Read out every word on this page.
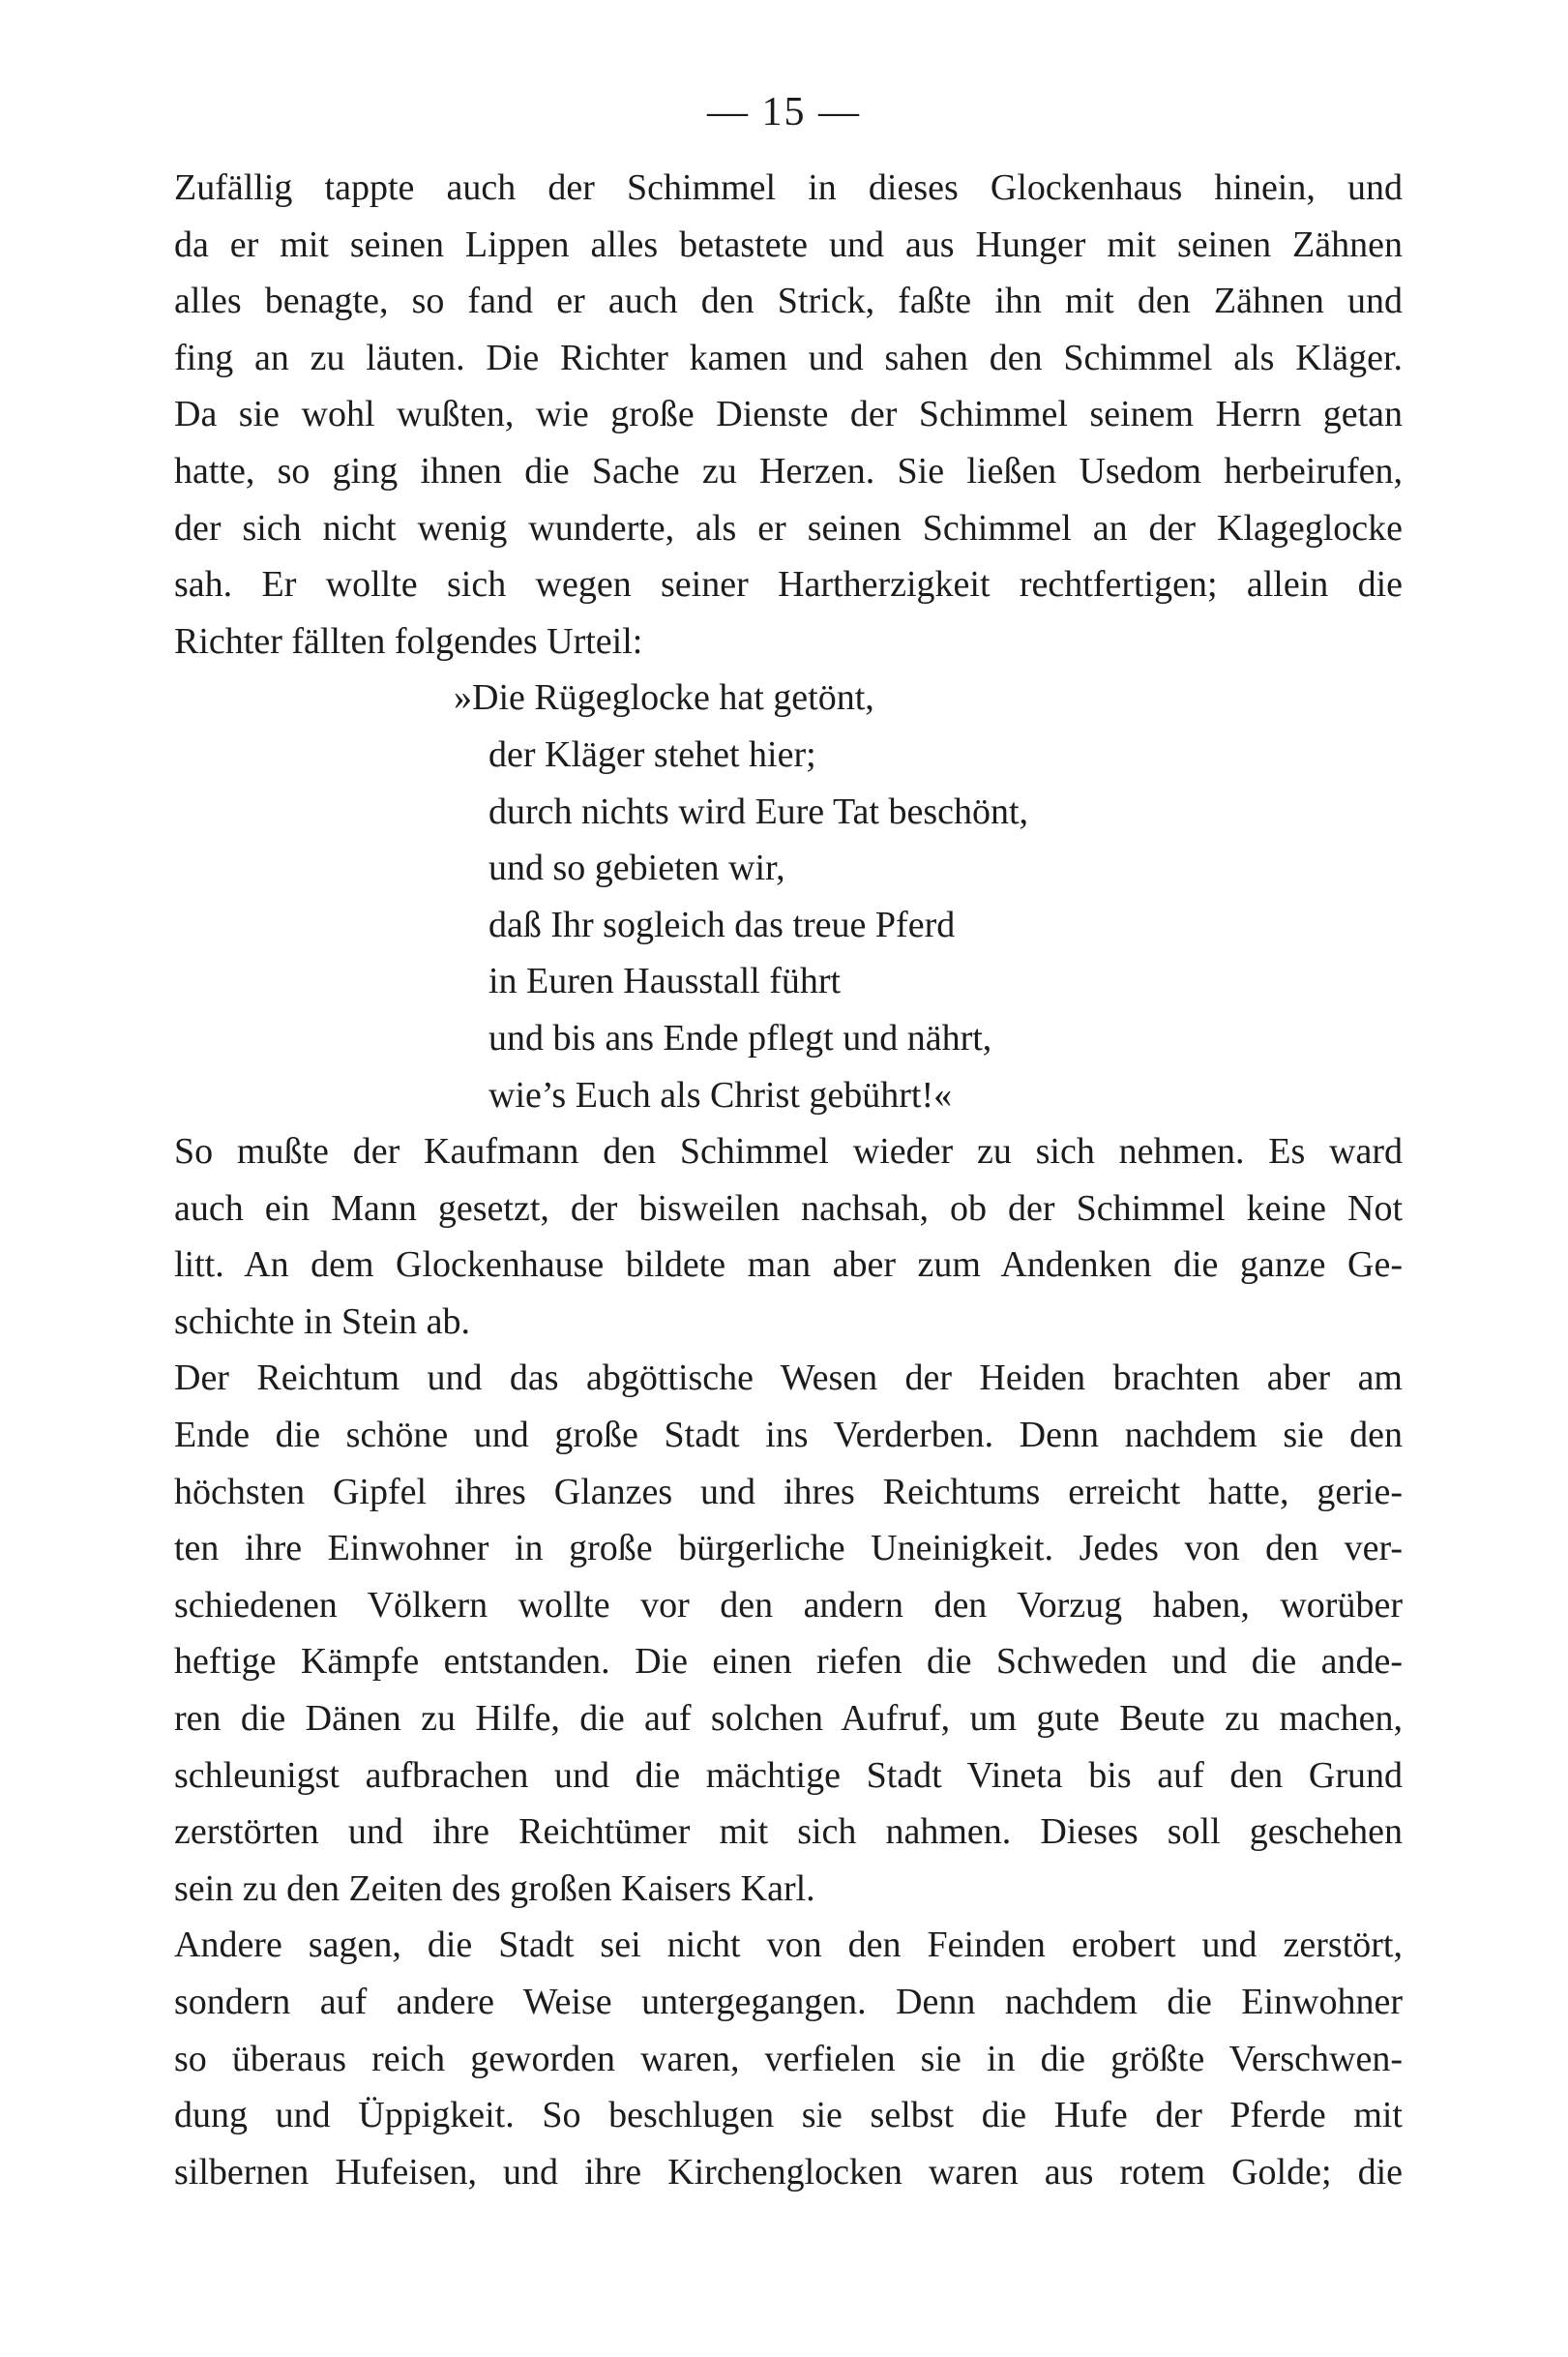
— 15 —
Zufällig tappte auch der Schimmel in dieses Glockenhaus hinein, und
da er mit seinen Lippen alles betastete und aus Hunger mit seinen Zähnen
alles benagte, so fand er auch den Strick, faßte ihn mit den Zähnen und
fing an zu läuten. Die Richter kamen und sahen den Schimmel als Kläger.
Da sie wohl wußten, wie große Dienste der Schimmel seinem Herrn getan
hatte, so ging ihnen die Sache zu Herzen. Sie ließen Usedom herbeirufen,
der sich nicht wenig wunderte, als er seinen Schimmel an der Klageglocke
sah. Er wollte sich wegen seiner Hartherzigkeit rechtfertigen; allein die
Richter fällten folgendes Urteil:
»Die Rügeglocke hat getönt,
der Kläger stehet hier;
durch nichts wird Eure Tat beschönt,
und so gebieten wir,
daß Ihr sogleich das treue Pferd
in Euren Hausstall führt
und bis ans Ende pflegt und nährt,
wie’s Euch als Christ gebührt!«
So mußte der Kaufmann den Schimmel wieder zu sich nehmen. Es ward
auch ein Mann gesetzt, der bisweilen nachsah, ob der Schimmel keine Not
litt. An dem Glockenhause bildete man aber zum Andenken die ganze Ge-
schichte in Stein ab.
Der Reichtum und das abgöttische Wesen der Heiden brachten aber am
Ende die schöne und große Stadt ins Verderben. Denn nachdem sie den
höchsten Gipfel ihres Glanzes und ihres Reichtums erreicht hatte, gerie-
ten ihre Einwohner in große bürgerliche Uneinigkeit. Jedes von den ver-
schiedenen Völkern wollte vor den andern den Vorzug haben, worüber
heftige Kämpfe entstanden. Die einen riefen die Schweden und die ande-
ren die Dänen zu Hilfe, die auf solchen Aufruf, um gute Beute zu machen,
schleunigst aufbrachen und die mächtige Stadt Vineta bis auf den Grund
zerstörten und ihre Reichtümer mit sich nahmen. Dieses soll geschehen
sein zu den Zeiten des großen Kaisers Karl.
Andere sagen, die Stadt sei nicht von den Feinden erobert und zerstört,
sondern auf andere Weise untergegangen. Denn nachdem die Einwohner
so überaus reich geworden waren, verfielen sie in die größte Verschwen-
dung und Üppigkeit. So beschlugen sie selbst die Hufe der Pferde mit
silbernen Hufeisen, und ihre Kirchenglocken waren aus rotem Golde; die
